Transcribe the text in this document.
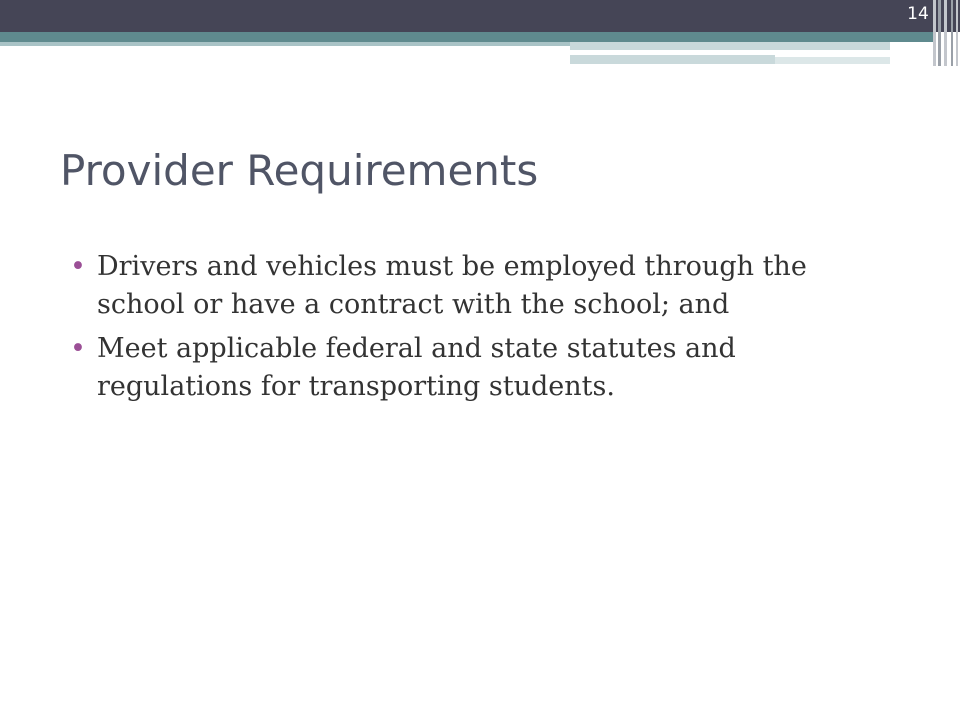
14
Provider Requirements
• Drivers and vehicles must be employed through the school or have a contract with the school; and
• Meet applicable federal and state statutes and regulations for transporting students.
